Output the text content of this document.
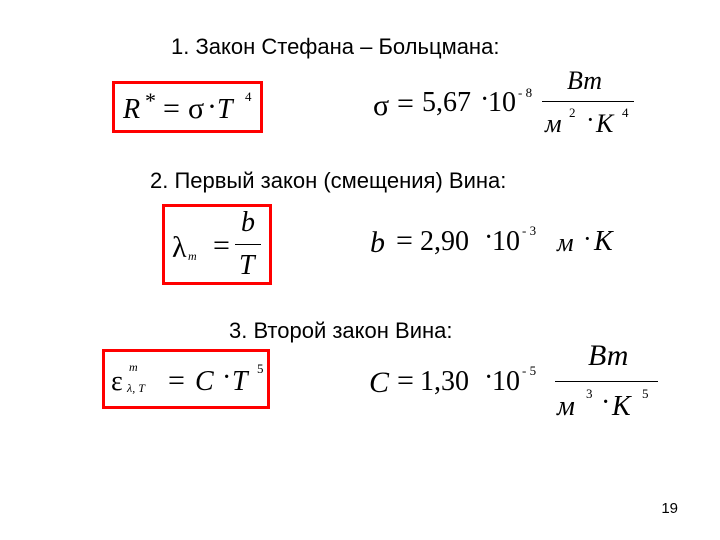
1. Закон Стефана – Больцмана:
R * = σ · T 4	σ = 5,67 ·
10 - 8 Вт
м 2 · К 4
2. Первый закон (смещения) Вина:
λ m =
b
T
b = 2,90 ·
10 - 3 м · К
3. Второй закон Вина:
ε m
λ, T = C · T 5	C = 1,30 ·
10 - 5 Вт
м 3 · К 5
19
